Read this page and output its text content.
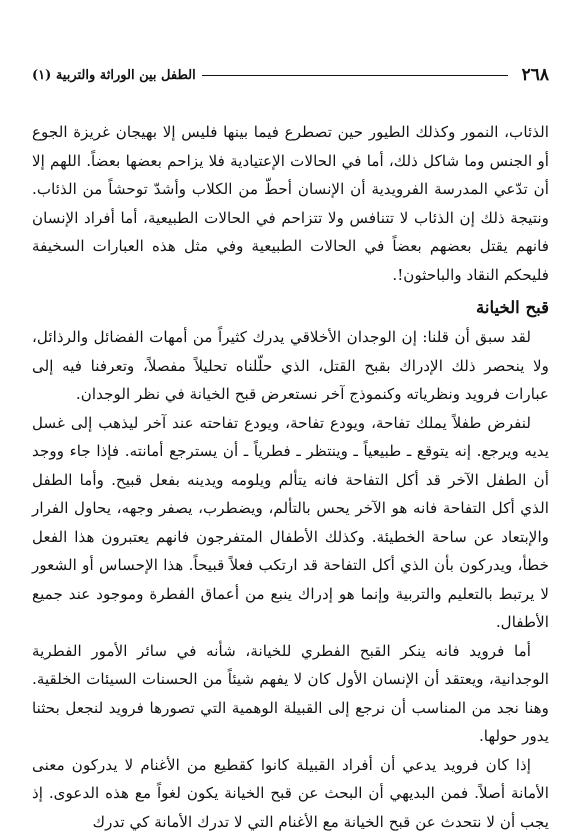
٢٦٨
الطفل بين الوراثة والتربية (١)

الذئاب، النمور وكذلك الطيور حين تصطرع فيما بينها فليس إلا بهيجان غريزة الجوع أو الجنس وما شاكل ذلك، أما في الحالات الإعتيادية فلا يزاحم بعضها بعضاً. اللهم إلا أن تدّعي المدرسة الفرويدية أن الإنسان أحطّ من الكلاب وأشدّ توحشاً من الذئاب. ونتيجة ذلك إن الذئاب لا تتنافس ولا تتزاحم في الحالات الطبيعية، أما أفراد الإنسان فانهم يقتل بعضهم بعضاً في الحالات الطبيعية وفي مثل هذه العبارات السخيفة فليحكم النقاد والباحثون!.

قبح الخيانة

لقد سبق أن قلنا: إن الوجدان الأخلاقي يدرك كثيراً من أمهات الفضائل والرذائل، ولا ينحصر ذلك الإدراك بقبح القتل، الذي حلّلناه تحليلاً مفصلاً، وتعرفنا فيه إلى عبارات فرويد ونظرياته وكنموذج آخر نستعرض قبح الخيانة في نظر الوجدان.

لنفرض طفلاً يملك تفاحة، ويودع تفاحة، ويودع تفاحته عند آخر ليذهب إلى غسل يديه ويرجع. إنه يتوقع ـ طبيعياً ـ وينتظر ـ فطرياً ـ أن يسترجع أمانته. فإذا جاء ووجد أن الطفل الآخر قد أكل التفاحة فانه يتألم ويلومه ويدينه بفعل قبيح. وأما الطفل الذي أكل التفاحة فانه هو الآخر يحس بالتألم، ويضطرب، يصفر وجهه، يحاول الفرار والإبتعاد عن ساحة الخطيئة. وكذلك الأطفال المتفرجون فانهم يعتبرون هذا الفعل خطأ، ويدركون بأن الذي أكل التفاحة قد ارتكب فعلاً قبيحاً. هذا الإحساس أو الشعور لا يرتبط بالتعليم والتربية وإنما هو إدراك ينبع من أعماق الفطرة وموجود عند جميع الأطفال.

أما فرويد فانه ينكر القبح الفطري للخيانة، شأنه في سائر الأمور الفطرية الوجدانية، ويعتقد أن الإنسان الأول كان لا يفهم شيئاً من الحسنات السيئات الخلقية. وهنا نجد من المناسب أن نرجع إلى القبيلة الوهمية التي تصورها فرويد لنجعل بحثنا يدور حولها.

إذا كان فرويد يدعي أن أفراد القبيلة كانوا كقطيع من الأغنام لا يدركون معنى الأمانة أصلاً. فمن البديهي أن البحث عن قبح الخيانة يكون لغواً مع هذه الدعوى. إذ يجب أن لا نتحدث عن قبح الخيانة مع الأغنام التي لا تدرك الأمانة كي تدرك
